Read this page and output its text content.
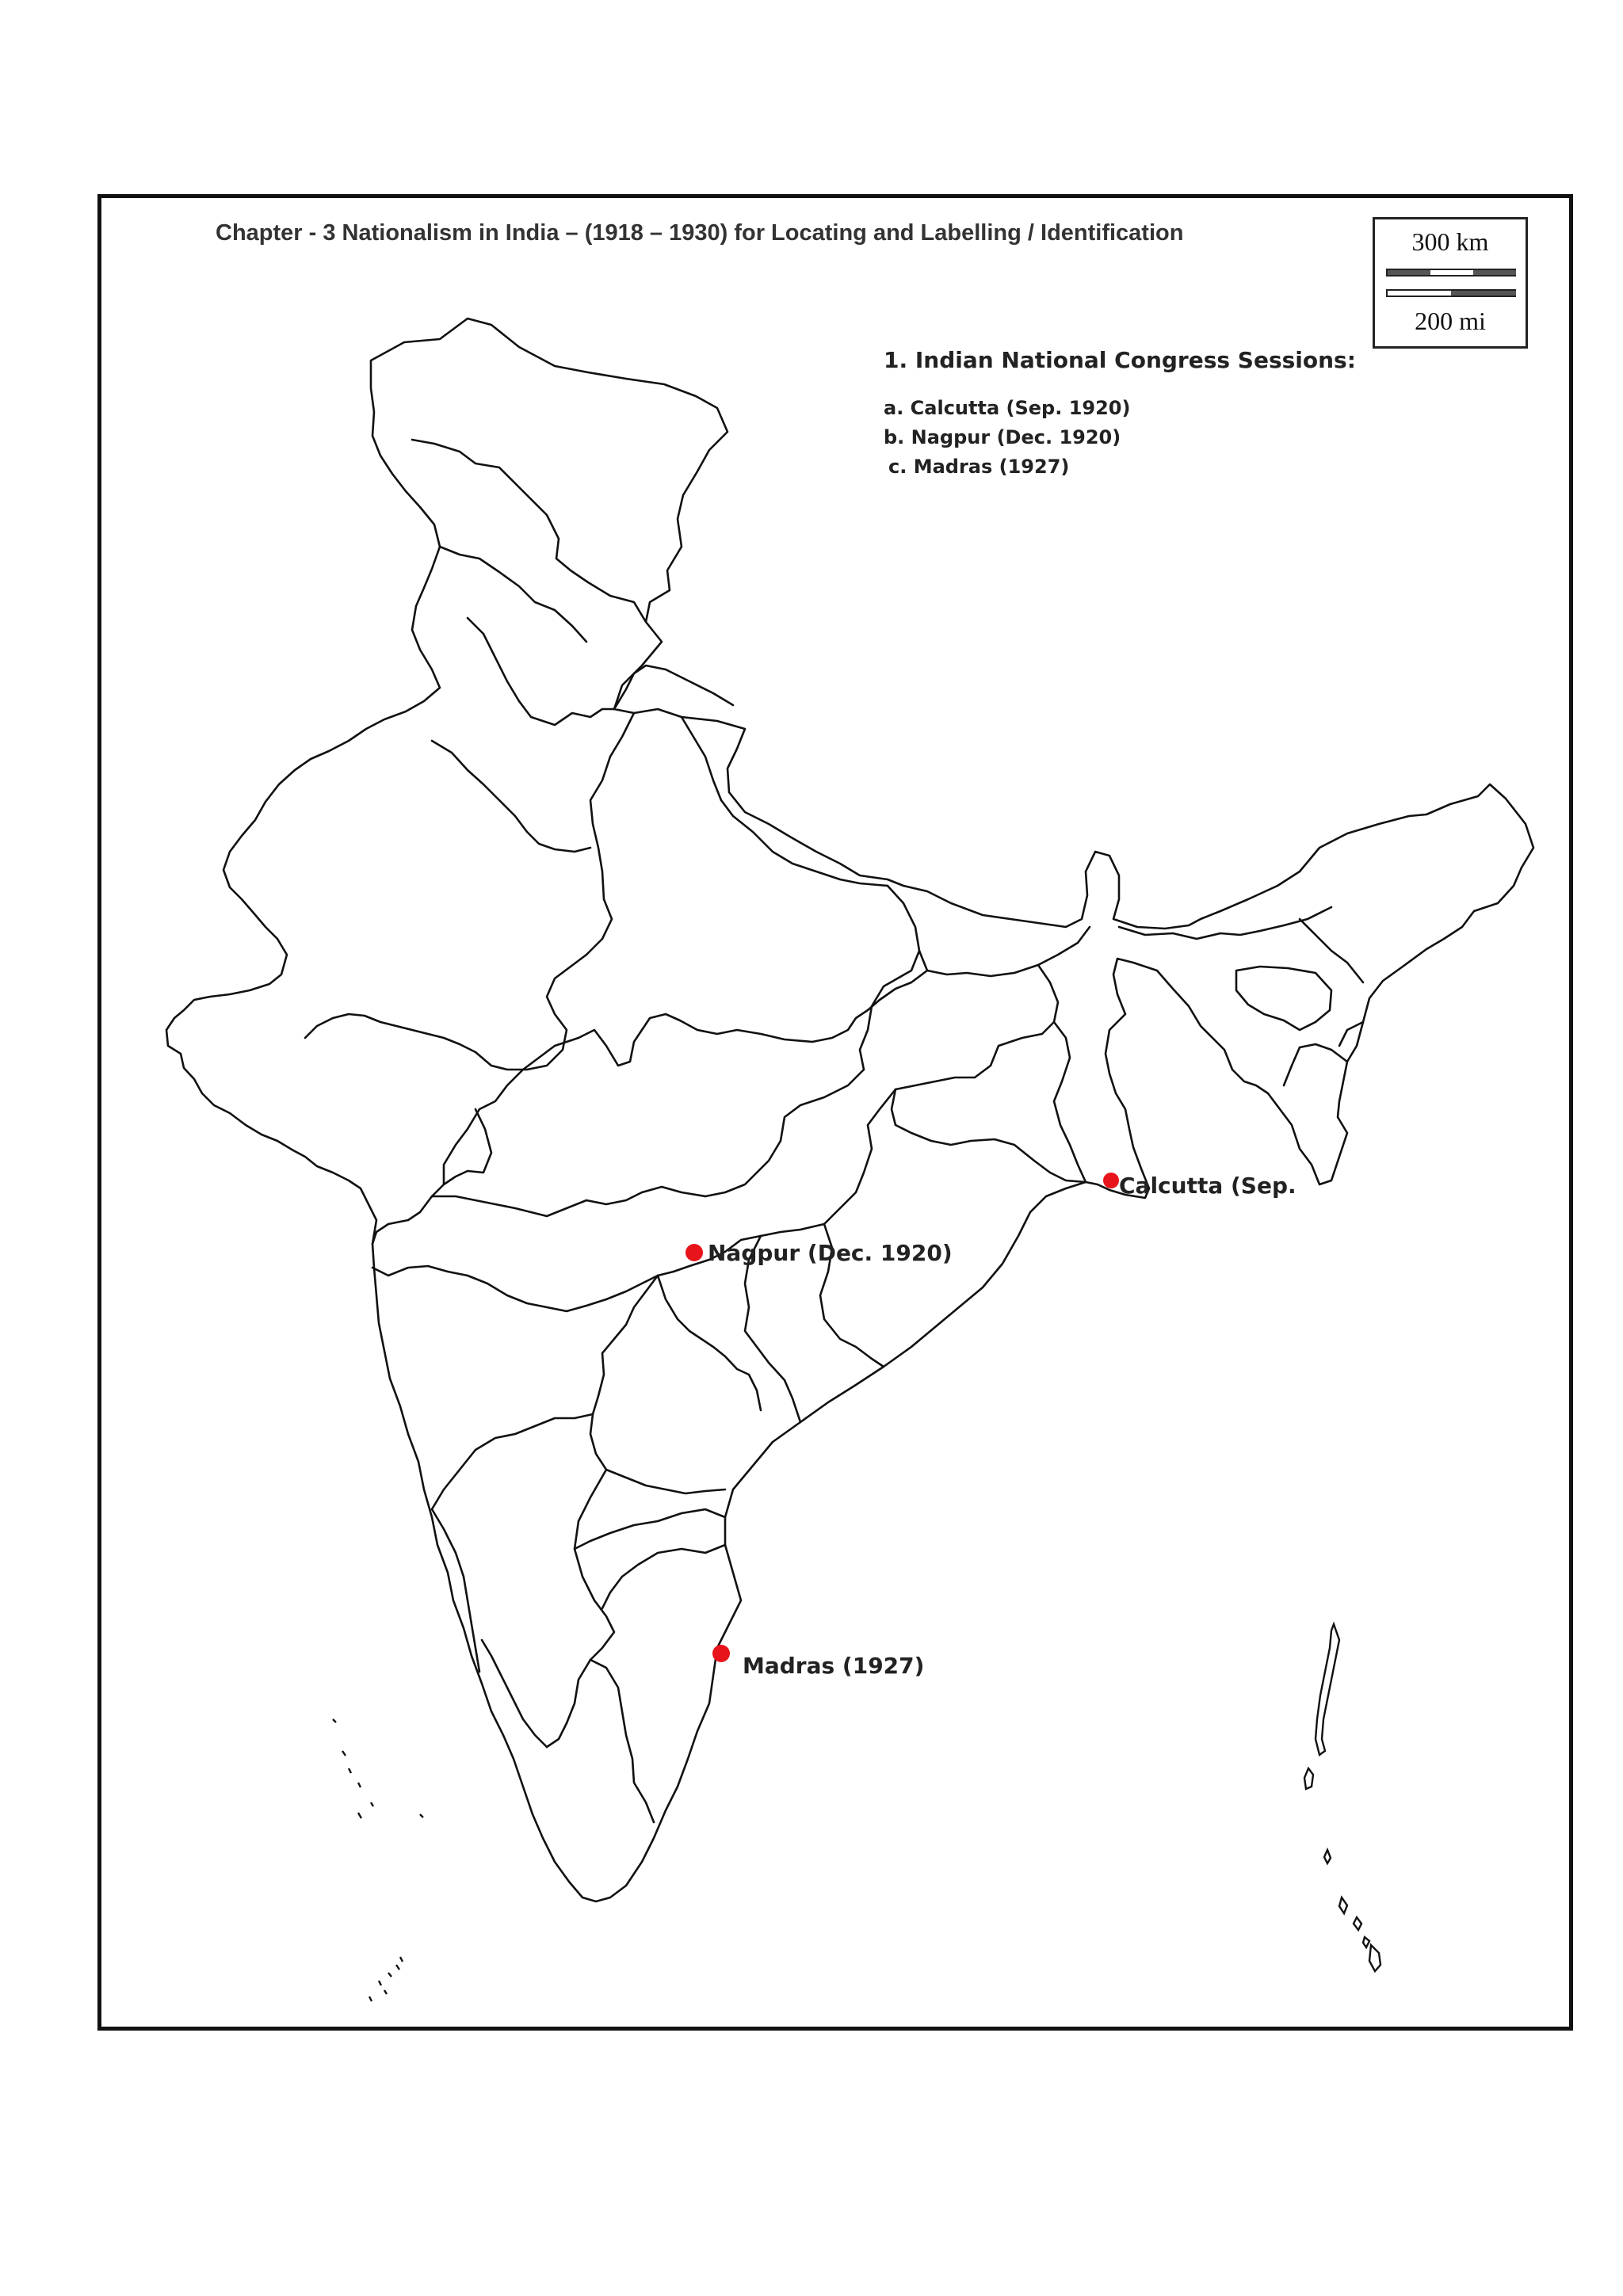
Chapter - 3 Nationalism in India – (1918 – 1930) for Locating and Labelling / Identification	300 km
200 mi
1. Indian National Congress Sessions:
a. Calcutta (Sep. 1920)
b. Nagpur (Dec. 1920)
c. Madras (1927)
Calcutta (Sep.
Nagpur (Dec. 1920)
Madras (1927)
